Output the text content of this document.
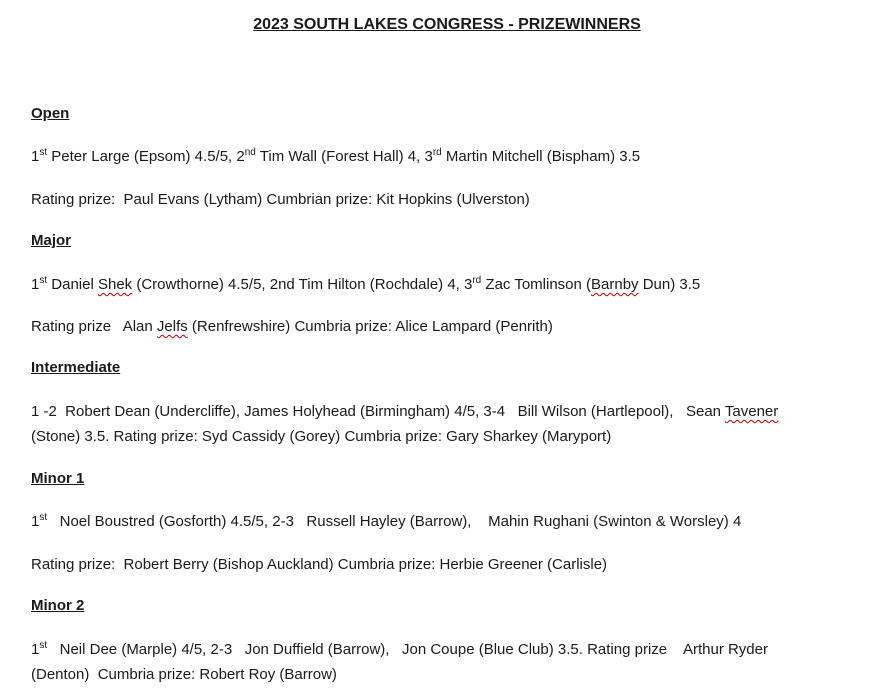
2023 SOUTH LAKES CONGRESS - PRIZEWINNERS
Open
1st Peter Large (Epsom) 4.5/5, 2nd Tim Wall (Forest Hall) 4, 3rd Martin Mitchell (Bispham) 3.5
Rating prize:  Paul Evans (Lytham) Cumbrian prize: Kit Hopkins (Ulverston)
Major
1st Daniel Shek (Crowthorne) 4.5/5, 2nd Tim Hilton (Rochdale) 4, 3rd Zac Tomlinson (Barnby Dun) 3.5
Rating prize   Alan Jelfs (Renfrewshire) Cumbria prize: Alice Lampard (Penrith)
Intermediate
1 -2  Robert Dean (Undercliffe), James Holyhead (Birmingham) 4/5, 3-4   Bill Wilson (Hartlepool),   Sean Tavener
(Stone) 3.5. Rating prize: Syd Cassidy (Gorey) Cumbria prize: Gary Sharkey (Maryport)
Minor 1
1st   Noel Boustred (Gosforth) 4.5/5, 2-3   Russell Hayley (Barrow),    Mahin Rughani (Swinton & Worsley) 4
Rating prize:  Robert Berry (Bishop Auckland) Cumbria prize: Herbie Greener (Carlisle)
Minor 2
1st   Neil Dee (Marple) 4/5, 2-3   Jon Duffield (Barrow),   Jon Coupe (Blue Club) 3.5. Rating prize    Arthur Ryder
(Denton)  Cumbria prize: Robert Roy (Barrow)
